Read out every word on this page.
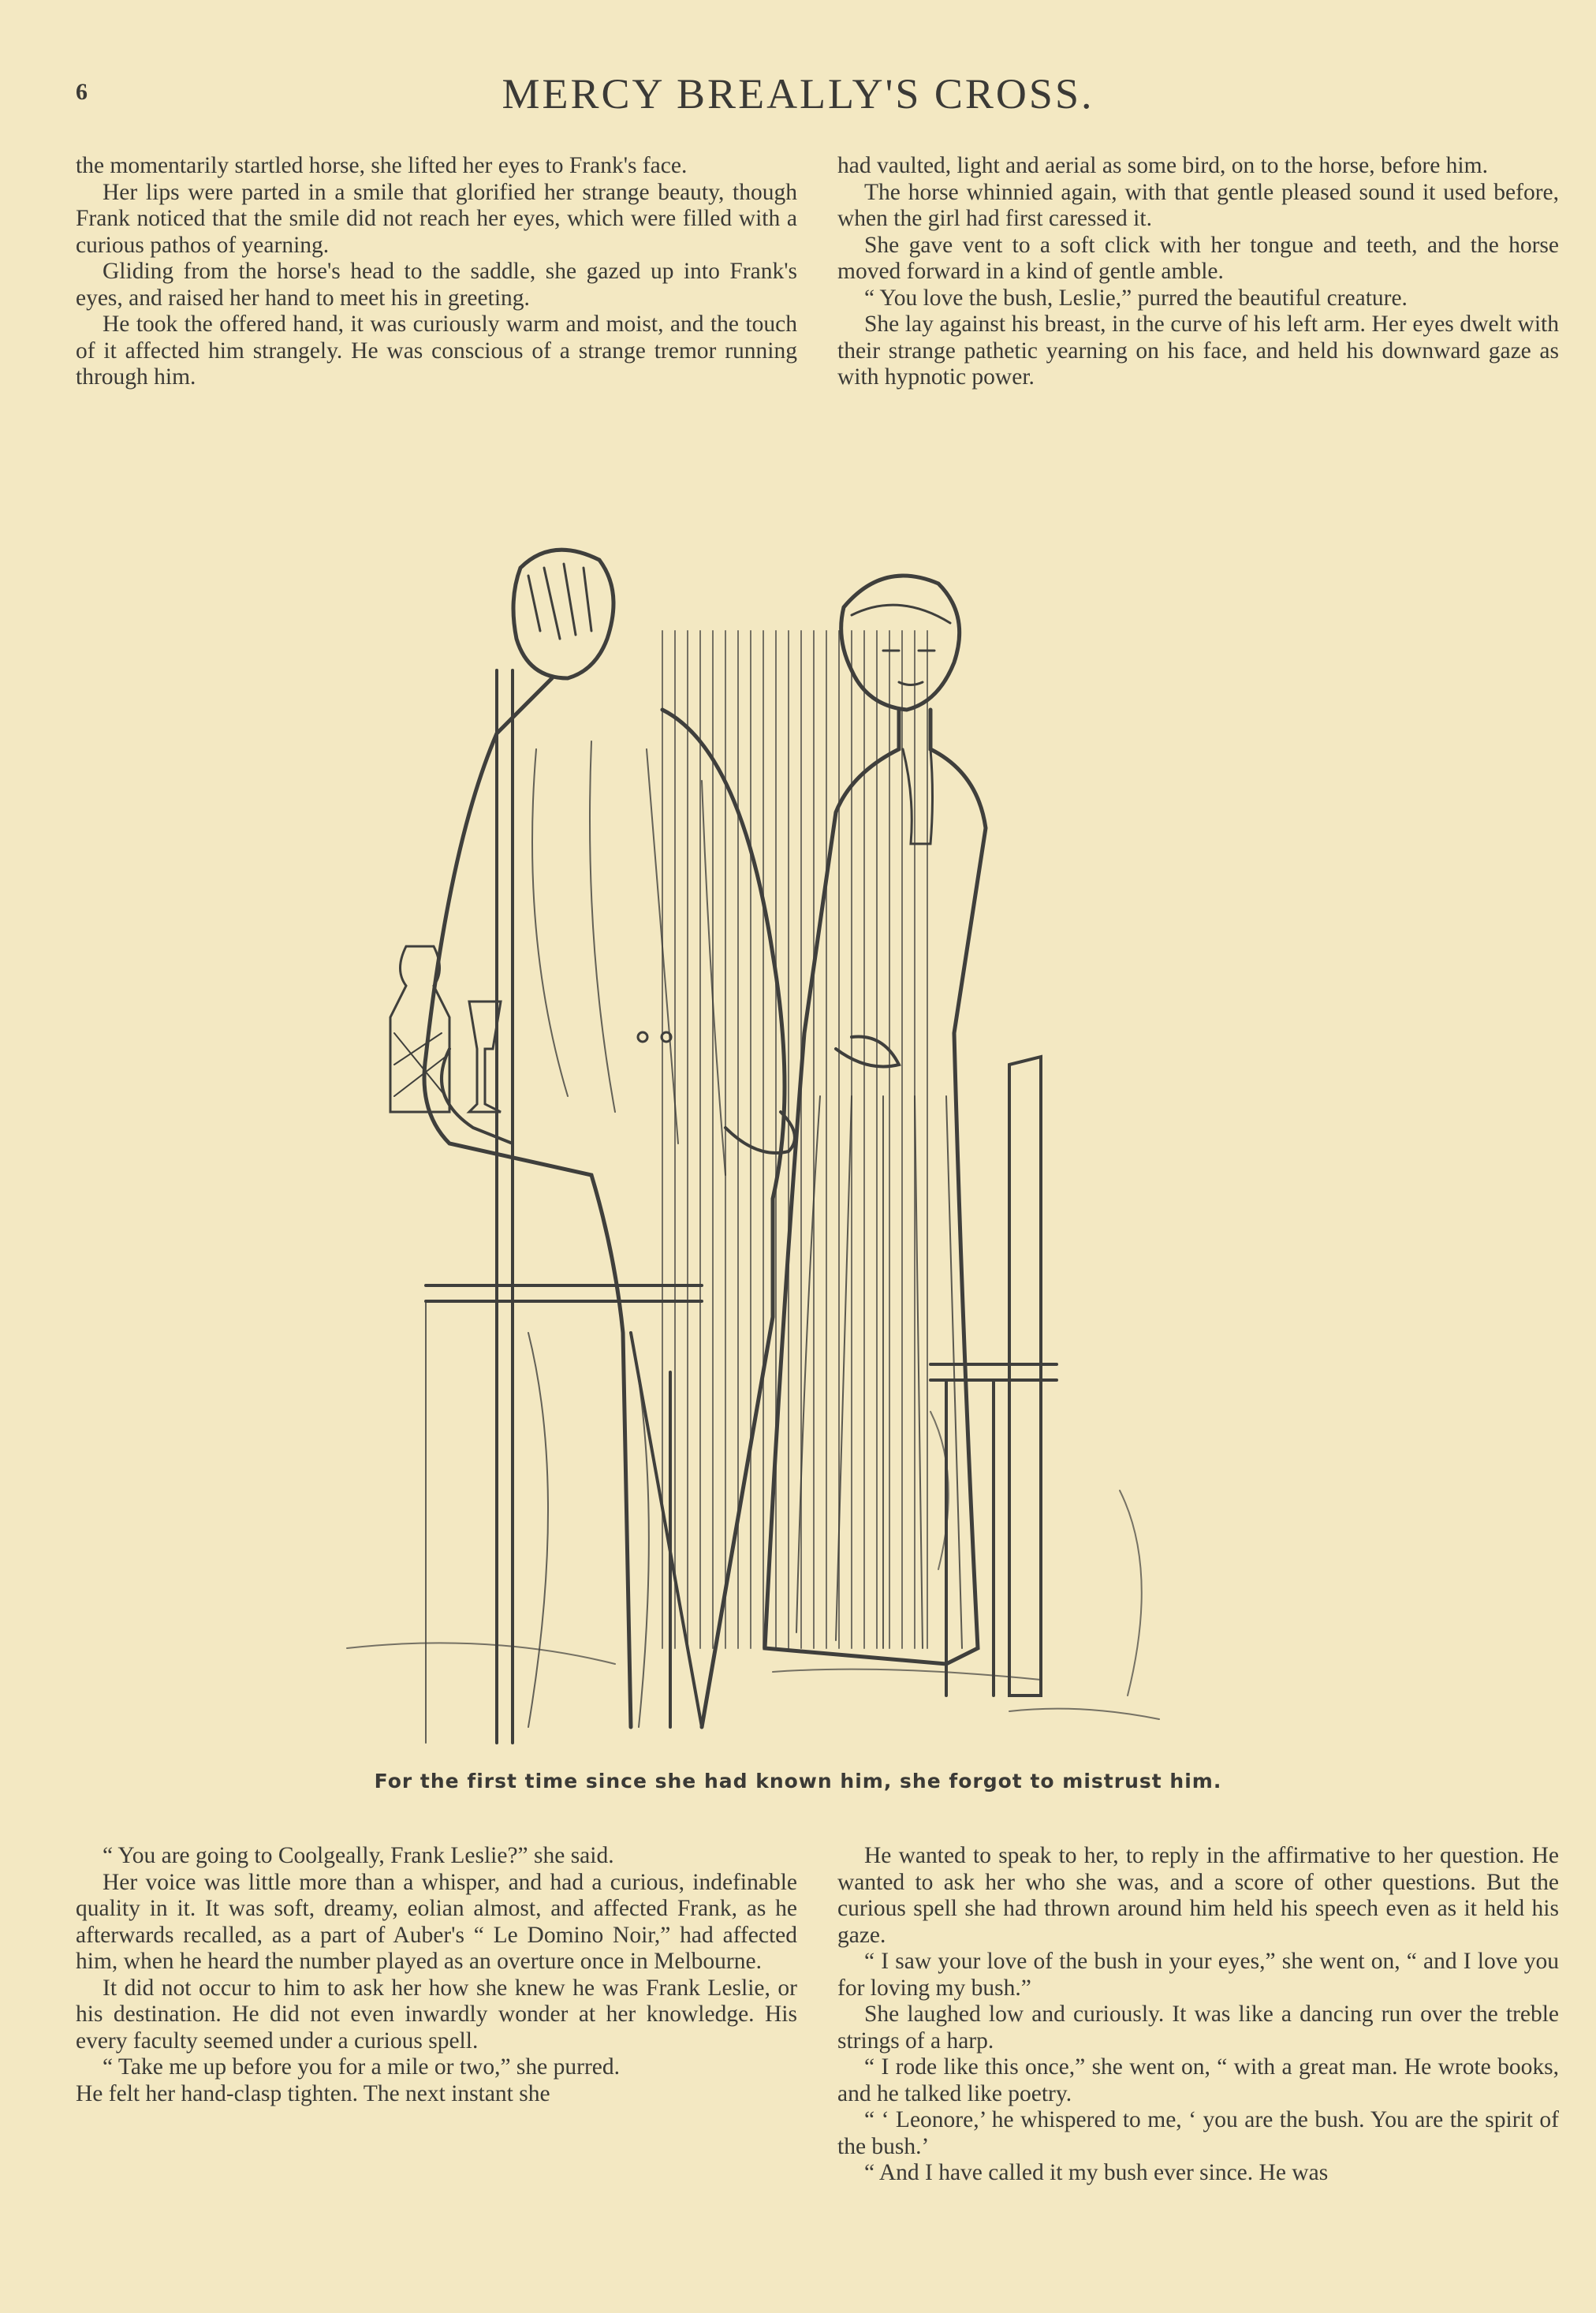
6	MERCY BREALLY'S CROSS.

the momentarily startled horse, she lifted her eyes to Frank's face.

Her lips were parted in a smile that glorified her strange beauty, though Frank noticed that the smile did not reach her eyes, which were filled with a curious pathos of yearning.

Gliding from the horse's head to the saddle, she gazed up into Frank's eyes, and raised her hand to meet his in greeting.

He took the offered hand, it was curiously warm and moist, and the touch of it affected him strangely. He was conscious of a strange tremor running through him.

had vaulted, light and aerial as some bird, on to the horse, before him.

The horse whinnied again, with that gentle pleased sound it used before, when the girl had first caressed it.

She gave vent to a soft click with her tongue and teeth, and the horse moved forward in a kind of gentle amble.

“ You love the bush, Leslie,” purred the beautiful creature.

She lay against his breast, in the curve of his left arm. Her eyes dwelt with their strange pathetic yearning on his face, and held his downward gaze as with hypnotic power.

For the first time since she had known him, she forgot to mistrust him.

“ You are going to Coolgeally, Frank Leslie?” she said.

Her voice was little more than a whisper, and had a curious, indefinable quality in it. It was soft, dreamy, eolian almost, and affected Frank, as he afterwards recalled, as a part of Auber's “ Le Domino Noir,” had affected him, when he heard the number played as an overture once in Melbourne.

It did not occur to him to ask her how she knew he was Frank Leslie, or his destination. He did not even inwardly wonder at her knowledge. His every faculty seemed under a curious spell.

“ Take me up before you for a mile or two,” she purred.

He felt her hand-clasp tighten. The next instant she

He wanted to speak to her, to reply in the affirmative to her question. He wanted to ask her who she was, and a score of other questions. But the curious spell she had thrown around him held his speech even as it held his gaze.

“ I saw your love of the bush in your eyes,” she went on, “ and I love you for loving my bush.”

She laughed low and curiously. It was like a dancing run over the treble strings of a harp.

“ I rode like this once,” she went on, “ with a great man. He wrote books, and he talked like poetry.

“ ‘ Leonore,’ he whispered to me, ‘ you are the bush. You are the spirit of the bush.’

“ And I have called it my bush ever since. He was
